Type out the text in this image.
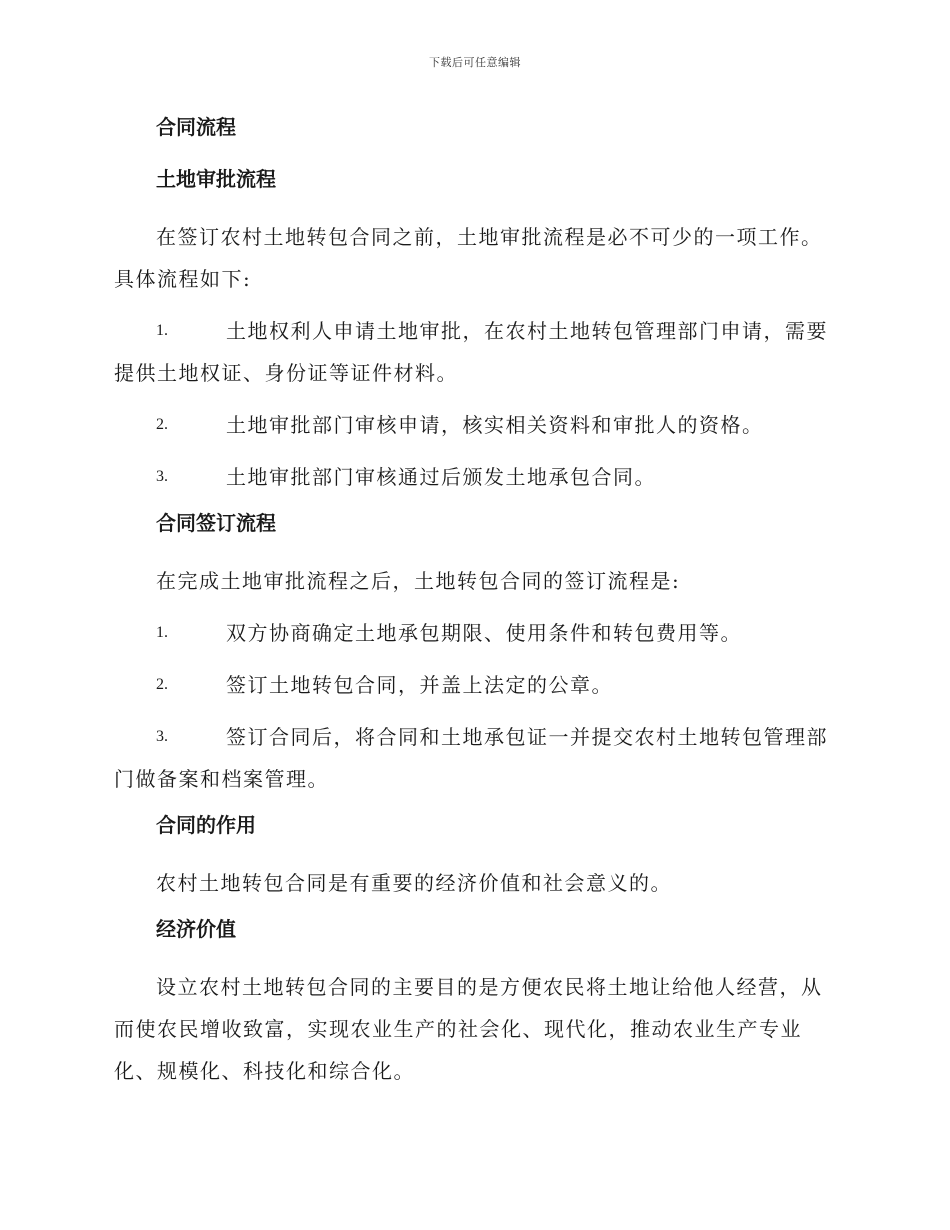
下载后可任意编辑
合同流程
土地审批流程
在签订农村土地转包合同之前，土地审批流程是必不可少的一项工作。具体流程如下:
1.	土地权利人申请土地审批，在农村土地转包管理部门申请，需要提供土地权证、身份证等证件材料。
2.	土地审批部门审核申请，核实相关资料和审批人的资格。
3.	土地审批部门审核通过后颁发土地承包合同。
合同签订流程
在完成土地审批流程之后，土地转包合同的签订流程是:
1.	双方协商确定土地承包期限、使用条件和转包费用等。
2.	签订土地转包合同，并盖上法定的公章。
3.	签订合同后，将合同和土地承包证一并提交农村土地转包管理部门做备案和档案管理。
合同的作用
农村土地转包合同是有重要的经济价值和社会意义的。
经济价值
设立农村土地转包合同的主要目的是方便农民将土地让给他人经营，从而使农民增收致富，实现农业生产的社会化、现代化，推动农业生产专业化、规模化、科技化和综合化。
